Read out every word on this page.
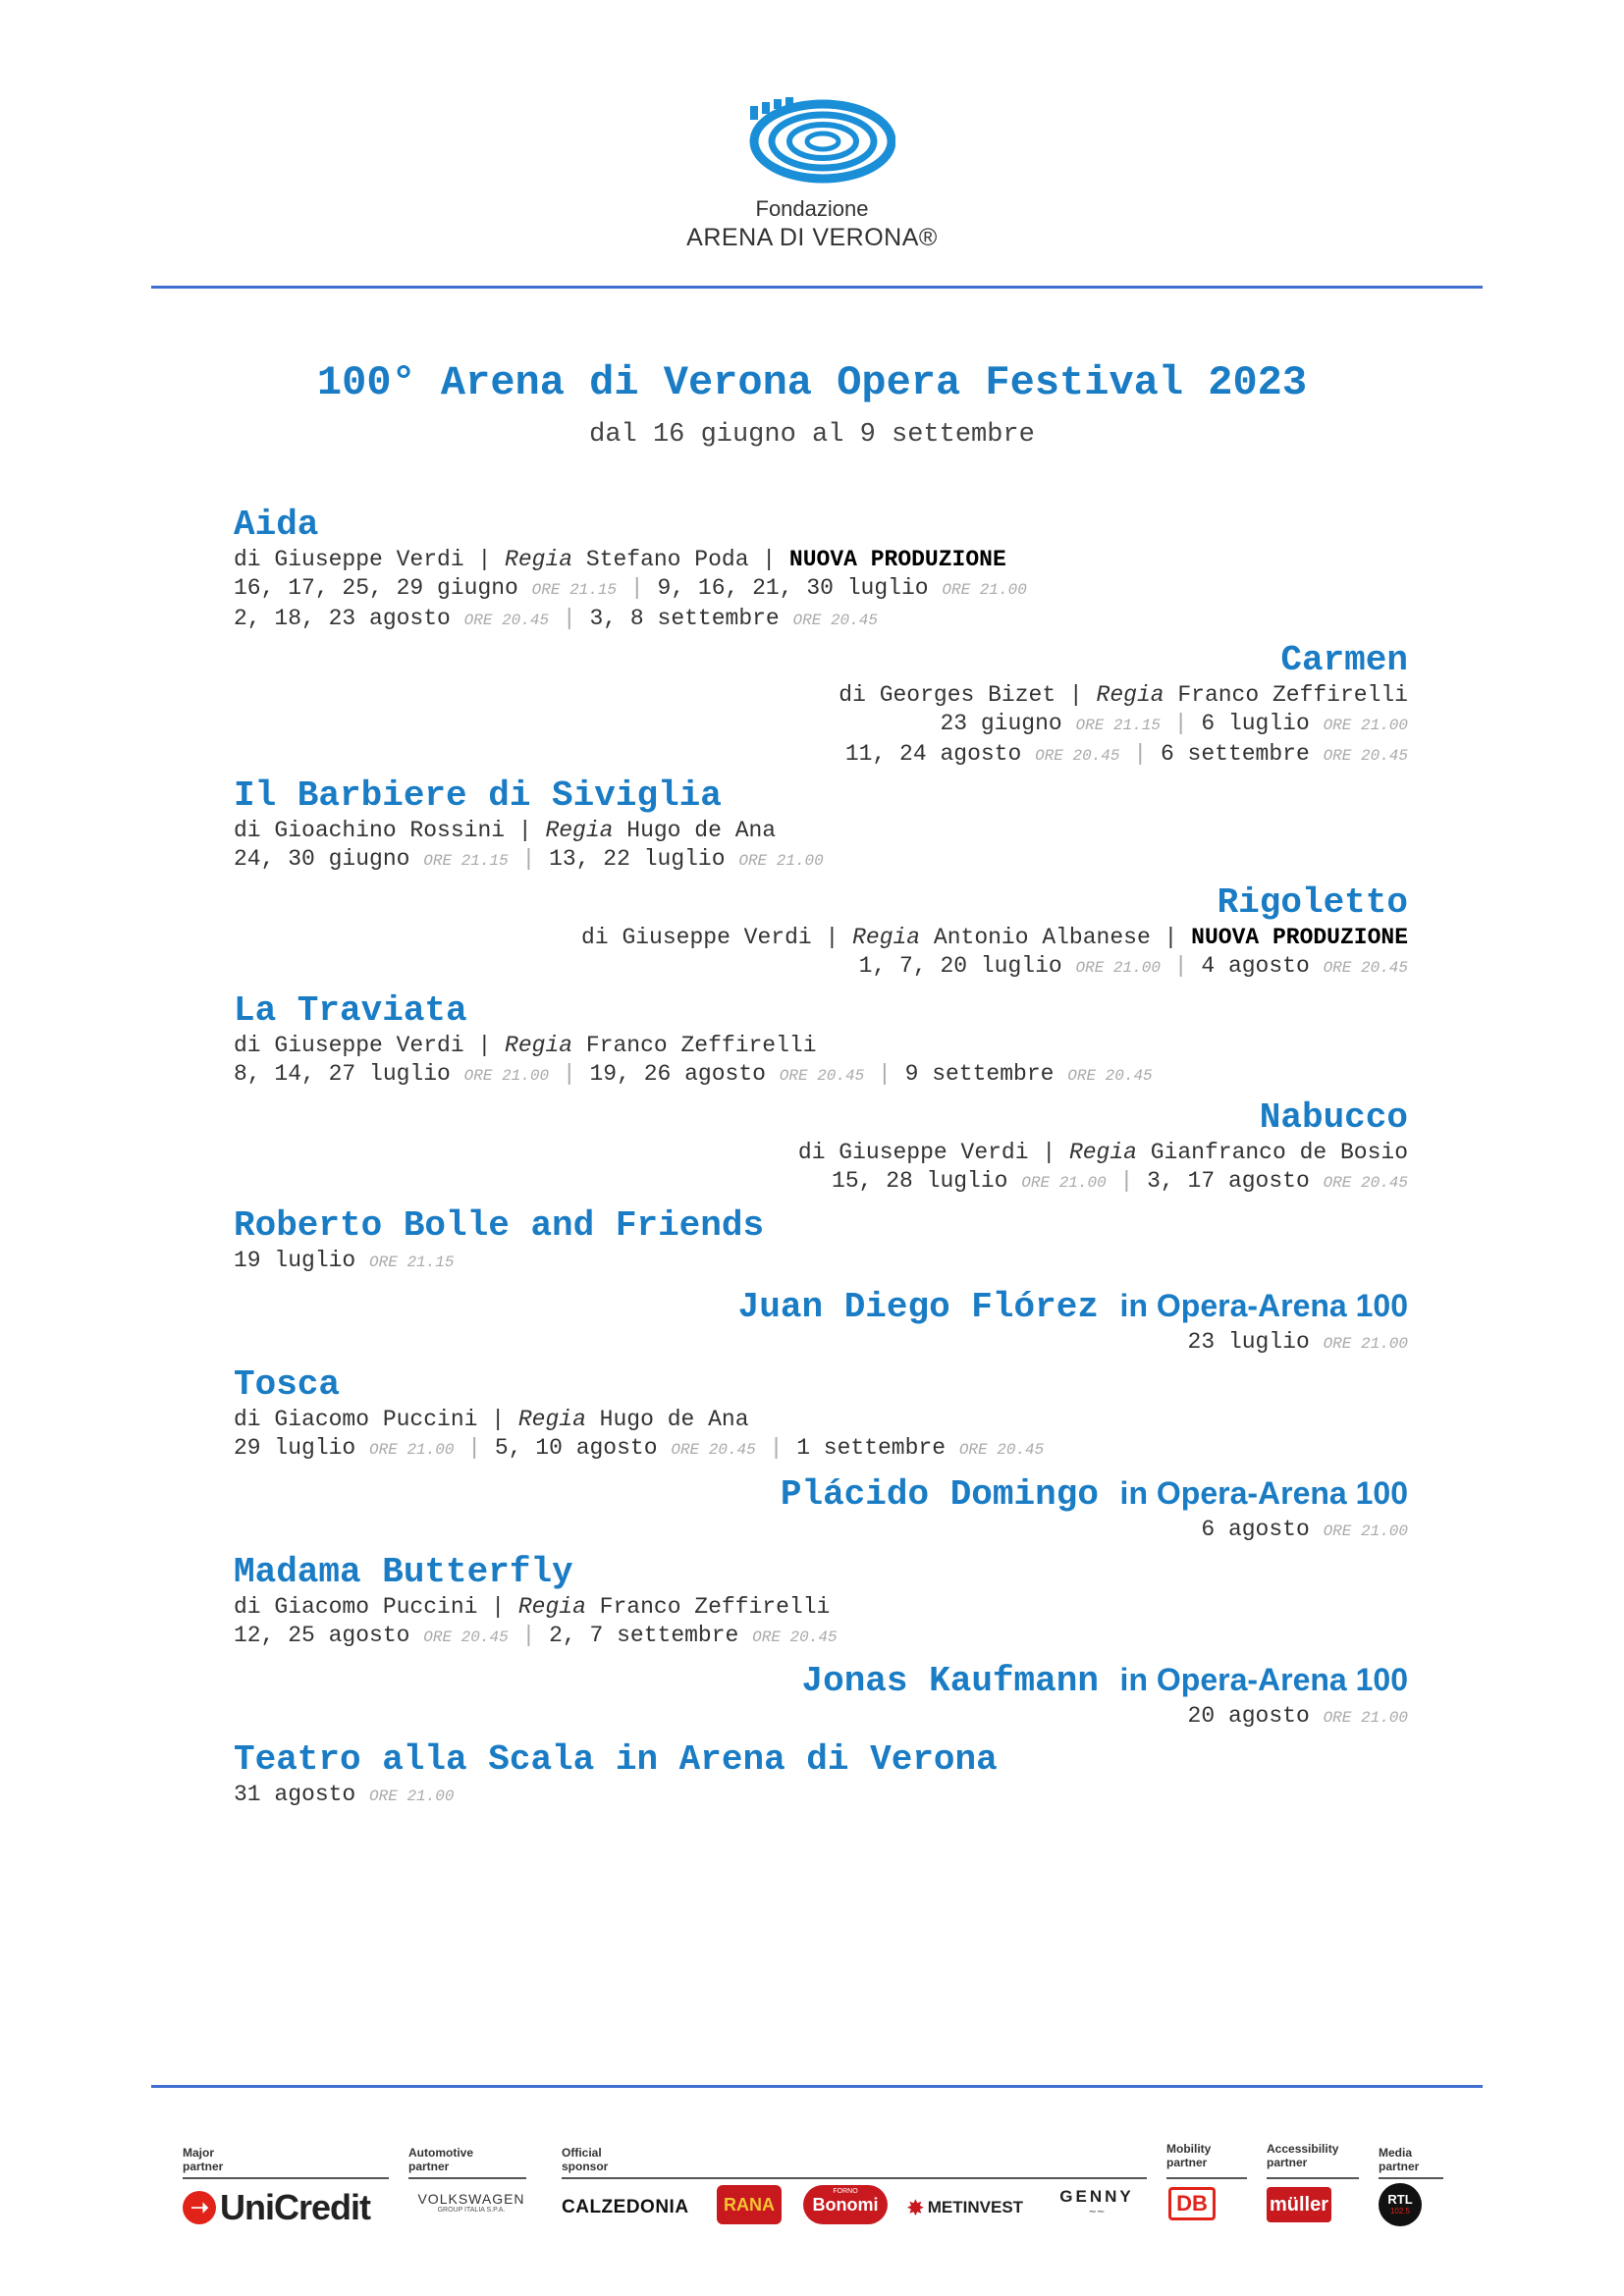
Fondazione
ARENA DI VERONA®
100° Arena di Verona Opera Festival 2023
dal 16 giugno al 9 settembre
Aida
di Giuseppe Verdi | Regia Stefano Poda | NUOVA PRODUZIONE
16, 17, 25, 29 giugno ORE 21.15 | 9, 16, 21, 30 luglio ORE 21.00
2, 18, 23 agosto ORE 20.45 | 3, 8 settembre ORE 20.45
Carmen
di Georges Bizet | Regia Franco Zeffirelli
23 giugno ORE 21.15 | 6 luglio ORE 21.00
11, 24 agosto ORE 20.45 | 6 settembre ORE 20.45
Il Barbiere di Siviglia
di Gioachino Rossini | Regia Hugo de Ana
24, 30 giugno ORE 21.15 | 13, 22 luglio ORE 21.00
Rigoletto
di Giuseppe Verdi | Regia Antonio Albanese | NUOVA PRODUZIONE
1, 7, 20 luglio ORE 21.00 | 4 agosto ORE 20.45
La Traviata
di Giuseppe Verdi | Regia Franco Zeffirelli
8, 14, 27 luglio ORE 21.00 | 19, 26 agosto ORE 20.45 | 9 settembre ORE 20.45
Nabucco
di Giuseppe Verdi | Regia Gianfranco de Bosio
15, 28 luglio ORE 21.00 | 3, 17 agosto ORE 20.45
Roberto Bolle and Friends
19 luglio ORE 21.15
Juan Diego Flórez in Opera-Arena 100
23 luglio ORE 21.00
Tosca
di Giacomo Puccini | Regia Hugo de Ana
29 luglio ORE 21.00 | 5, 10 agosto ORE 20.45 | 1 settembre ORE 20.45
Plácido Domingo in Opera-Arena 100
6 agosto ORE 21.00
Madama Butterfly
di Giacomo Puccini | Regia Franco Zeffirelli
12, 25 agosto ORE 20.45 | 2, 7 settembre ORE 20.45
Jonas Kaufmann in Opera-Arena 100
20 agosto ORE 21.00
Teatro alla Scala in Arena di Verona
31 agosto ORE 21.00
Major
partner
Automotive
partner
Official
sponsor
Mobility
partner
Accessibility
partner
Media
partner
➝ UniCredit	VOLKSWAGEN
GROUP ITALIA S.P.A.	CALZEDONIA	RANA
FORNO
Bonomi	✸ METINVEST
GENNY
∼∼	DB	müller	RTL
102.5
